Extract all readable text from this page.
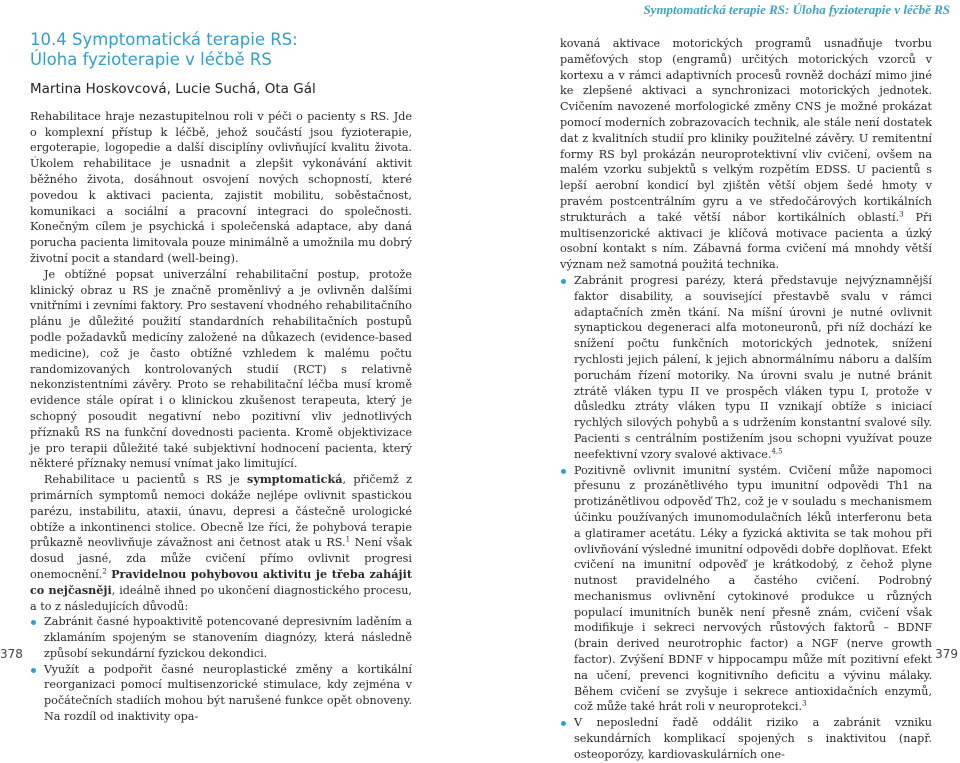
Symptomatická terapie RS: Úloha fyzioterapie v léčbě RS
10.4 Symptomatická terapie RS:
Úloha fyzioterapie v léčbě RS
Martina Hoskovcová, Lucie Suchá, Ota Gál

Rehabilitace hraje nezastupitelnou roli v péči o pacienty s RS. Jde o komplexní přístup k léčbě, jehož součástí jsou fyzioterapie, ergoterapie, logopedie a další disciplíny ovlivňující kvalitu života. Úkolem rehabilitace je usnadnit a zlepšit vykonávání aktivit běžného života, dosáhnout osvojení nových schopností, které povedou k aktivaci pacienta, zajistit mobilitu, soběstačnost, komunikaci a sociální a pracovní integraci do společnosti. Konečným cílem je psychická i společenská adaptace, aby daná porucha pacienta limitovala pouze minimálně a umožnila mu dobrý životní pocit a standard (well-being).

Je obtížné popsat univerzální rehabilitační postup, protože klinický obraz u RS je značně proměnlivý a je ovlivněn dalšími vnitřními i zevními faktory. Pro sestavení vhodného rehabilitačního plánu je důležité použití standardních rehabilitačních postupů podle požadavků medicíny založené na důkazech (evidence-based medicine), což je často obtížné vzhledem k malému počtu randomizovaných kontrolovaných studií (RCT) s relativně nekonzistentními závěry. Proto se rehabilitační léčba musí kromě evidence stále opírat i o klinickou zkušenost terapeuta, který je schopný posoudit negativní nebo pozitivní vliv jednotlivých příznaků RS na funkční dovednosti pacienta. Kromě objektivizace je pro terapii důležité také subjektivní hodnocení pacienta, který některé příznaky nemusí vnímat jako limitující.

Rehabilitace u pacientů s RS je symptomatická, přičemž z primárních symptomů nemoci dokáže nejlépe ovlivnit spastickou parézu, instabilitu, ataxii, únavu, depresi a částečně urologické obtíže a inkontinenci stolice. Obecně lze říci, že pohybová terapie průkazně neovlivňuje závažnost ani četnost atak u RS.$^1$ Není však dosud jasné, zda může cvičení přímo ovlivnit progresi onemocnění.$^2$ Pravidelnou pohybovou aktivitu je třeba zahájit co nejčasněji, ideálně ihned po ukončení diagnostického procesu, a to z následujících důvodů:

Zabránit časné hypoaktivitě potencované depresivním laděním a zklamáním spojeným se stanovením diagnózy, která následně způsobí sekundární fyzickou dekondici.
Využít a podpořit časné neuroplastické změny a kortikální reorganizaci pomocí multisenzorické stimulace, kdy zejména v počátečních stadiích mohou být narušené funkce opět obnoveny. Na rozdíl od inaktivity opa-

kovaná aktivace motorických programů usnadňuje tvorbu paměťových stop (engramů) určitých motorických vzorců v kortexu a v rámci adaptivních procesů rovněž dochází mimo jiné ke zlepšené aktivaci a synchronizaci motorických jednotek. Cvičením navozené morfologické změny CNS je možné prokázat pomocí moderních zobrazovacích technik, ale stále není dostatek dat z kvalitních studií pro kliniky použitelné závěry. U remitentní formy RS byl prokázán neuroprotektivní vliv cvičení, ovšem na malém vzorku subjektů s velkým rozpětím EDSS. U pacientů s lepší aerobní kondicí byl zjištěn větší objem šedé hmoty v pravém postcentrálním gyru a ve středočárových kortikálních strukturách a také větší nábor kortikálních oblastí.$^3$ Při multisenzorické aktivaci je klíčová motivace pacienta a úzký osobní kontakt s ním. Zábavná forma cvičení má mnohdy větší význam než samotná použitá technika.

Zabránit progresi parézy, která představuje nejvýznamnější faktor disability, a související přestavbě svalu v rámci adaptačních změn tkání. Na míšní úrovni je nutné ovlivnit synaptickou degeneraci alfa motoneuronů, při níž dochází ke snížení počtu funkčních motorických jednotek, snížení rychlosti jejich pálení, k jejich abnormálnímu náboru a dalším poruchám řízení motoriky. Na úrovni svalu je nutné bránit ztrátě vláken typu II ve prospěch vláken typu I, protože v důsledku ztráty vláken typu II vznikají obtíže s iniciací rychlých silových pohybů a s udržením konstantní svalové síly. Pacienti s centrálním postižením jsou schopni využívat pouze neefektivní vzory svalové aktivace.$^{4,5}$
Pozitivně ovlivnit imunitní systém. Cvičení může napomoci přesunu z prozánětlivého typu imunitní odpovědi Th1 na protizánětlivou odpověď Th2, což je v souladu s mechanismem účinku používaných imunomodulačních léků interferonu beta a glatiramer acetátu. Léky a fyzická aktivita se tak mohou při ovlivňování výsledné imunitní odpovědi dobře doplňovat. Efekt cvičení na imunitní odpověď je krátkodobý, z čehož plyne nutnost pravidelného a častého cvičení. Podrobný mechanismus ovlivnění cytokinové produkce u různých populací imunitních buněk není přesně znám, cvičení však modifikuje i sekreci nervových růstových faktorů – BDNF (brain derived neurotrophic factor) a NGF (nerve growth factor). Zvýšení BDNF v hippocampu může mít pozitivní efekt na učení, prevenci kognitivního deficitu a vývinu málaky. Během cvičení se zvyšuje i sekrece antioxidačních enzymů, což může také hrát roli v neuroprotekci.$^3$
V neposlední řadě oddálit riziko a zabránit vzniku sekundárních komplikací spojených s inaktivitou (např. osteoporózy, kardiovaskulárních one-
378	379
